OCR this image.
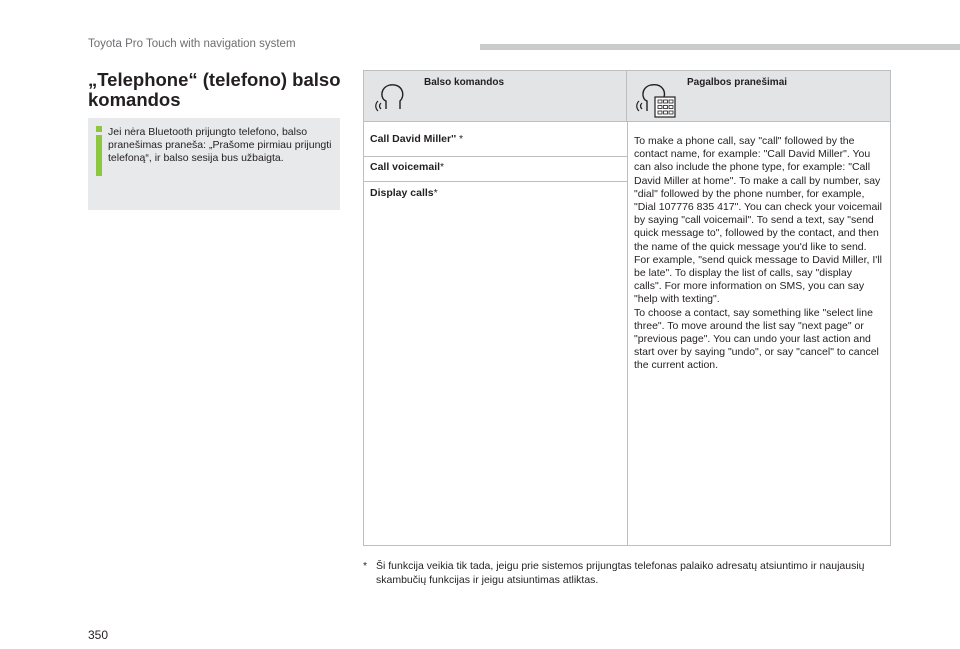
Toyota Pro Touch with navigation system
„Telephone“ (telefono) balso komandos
Jei nėra Bluetooth prijungto telefono, balso pranešimas praneša: „Prašome pirmiau prijungti telefoną“, ir balso sesija bus užbaigta.
Balso komandos	Pagalbos pranešimai
Call David Miller'' *
Call voicemail*
Display calls*
To make a phone call, say "call" followed by the contact name, for example: "Call David Miller". You can also include the phone type, for example: "Call David Miller at home". To make a call by number, say "dial" followed by the phone number, for example, "Dial 107776 835 417". You can check your voicemail by saying "call voicemail". To send a text, say "send quick message to", followed by the contact, and then the name of the quick message you'd like to send. For example, "send quick message to David Miller, I'll be late". To display the list of calls, say "display calls". For more information on SMS, you can say "help with texting".
To choose a contact, say something like "select line three". To move around the list say "next page" or "previous page". You can undo your last action and start over by saying "undo", or say "cancel" to cancel the current action.
* Ši funkcija veikia tik tada, jeigu prie sistemos prijungtas telefonas palaiko adresatų atsiuntimo ir naujausių skambučių funkcijas ir jeigu atsiuntimas atliktas.
350
